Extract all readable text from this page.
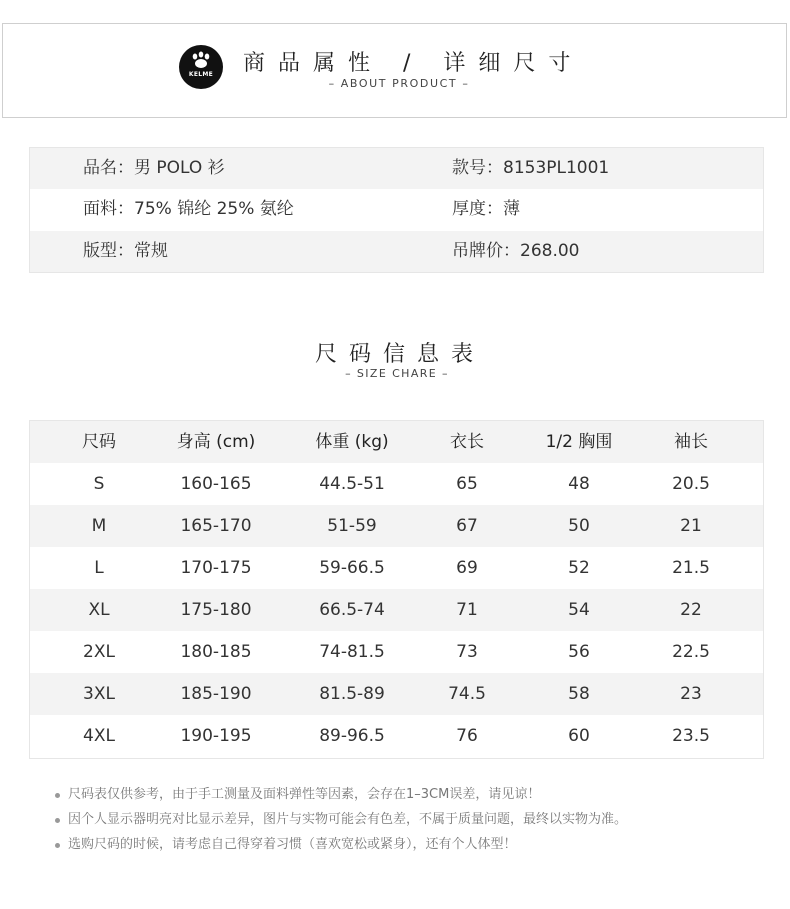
KELME	商品属性 / 详细尺寸
– ABOUT PRODUCT –
品名：男 POLO 衫	款号：8153PL1001
面料：75% 锦纶 25% 氨纶	厚度：薄
版型：常规	吊牌价：268.00
尺码信息表
– SIZE CHARE –
尺码	身高 (cm)	体重 (kg)	衣长	1/2 胸围	袖长
S	160-165	44.5-51	65	48	20.5
M	165-170	51-59	67	50	21
L	170-175	59-66.5	69	52	21.5
XL	175-180	66.5-74	71	54	22
2XL	180-185	74-81.5	73	56	22.5
3XL	185-190	81.5-89	74.5	58	23
4XL	190-195	89-96.5	76	60	23.5
尺码表仅供参考，由于手工测量及面料弹性等因素，会存在1–3CM误差，请见谅！
因个人显示器明亮对比显示差异，图片与实物可能会有色差，不属于质量问题，最终以实物为准。
选购尺码的时候，请考虑自己得穿着习惯（喜欢宽松或紧身），还有个人体型！
